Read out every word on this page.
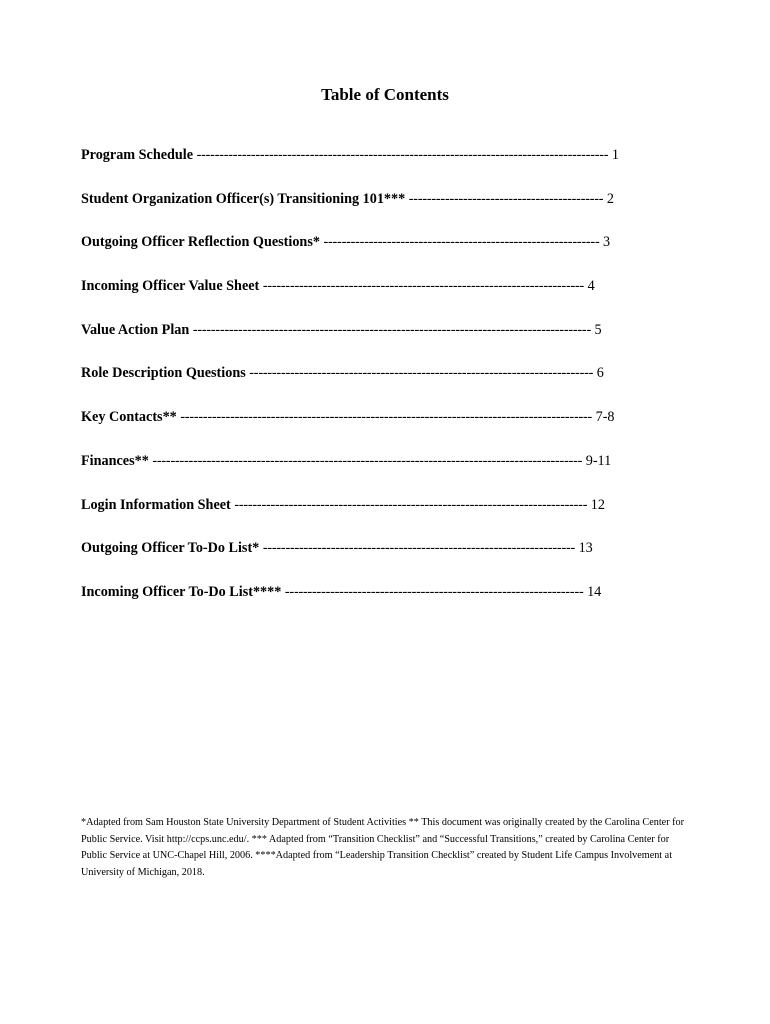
Table of Contents
Program Schedule ------------------------------------------------------------------------------------------- 1
Student Organization Officer(s) Transitioning 101*** ------------------------------------------- 2
Outgoing Officer Reflection Questions* ------------------------------------------------------------- 3
Incoming Officer Value Sheet ----------------------------------------------------------------------- 4
Value Action Plan ---------------------------------------------------------------------------------------- 5
Role Description Questions ---------------------------------------------------------------------------- 6
Key Contacts** ------------------------------------------------------------------------------------------- 7-8
Finances** ----------------------------------------------------------------------------------------------- 9-11
Login Information Sheet ------------------------------------------------------------------------------ 12
Outgoing Officer To-Do List* --------------------------------------------------------------------- 13
Incoming Officer To-Do List**** ------------------------------------------------------------------ 14
*Adapted from Sam Houston State University Department of Student Activities ** This document was originally created by the Carolina Center for Public Service. Visit http://ccps.unc.edu/. *** Adapted from “Transition Checklist” and “Successful Transitions,” created by Carolina Center for Public Service at UNC-Chapel Hill, 2006. ****Adapted from “Leadership Transition Checklist” created by Student Life Campus Involvement at University of Michigan, 2018.
